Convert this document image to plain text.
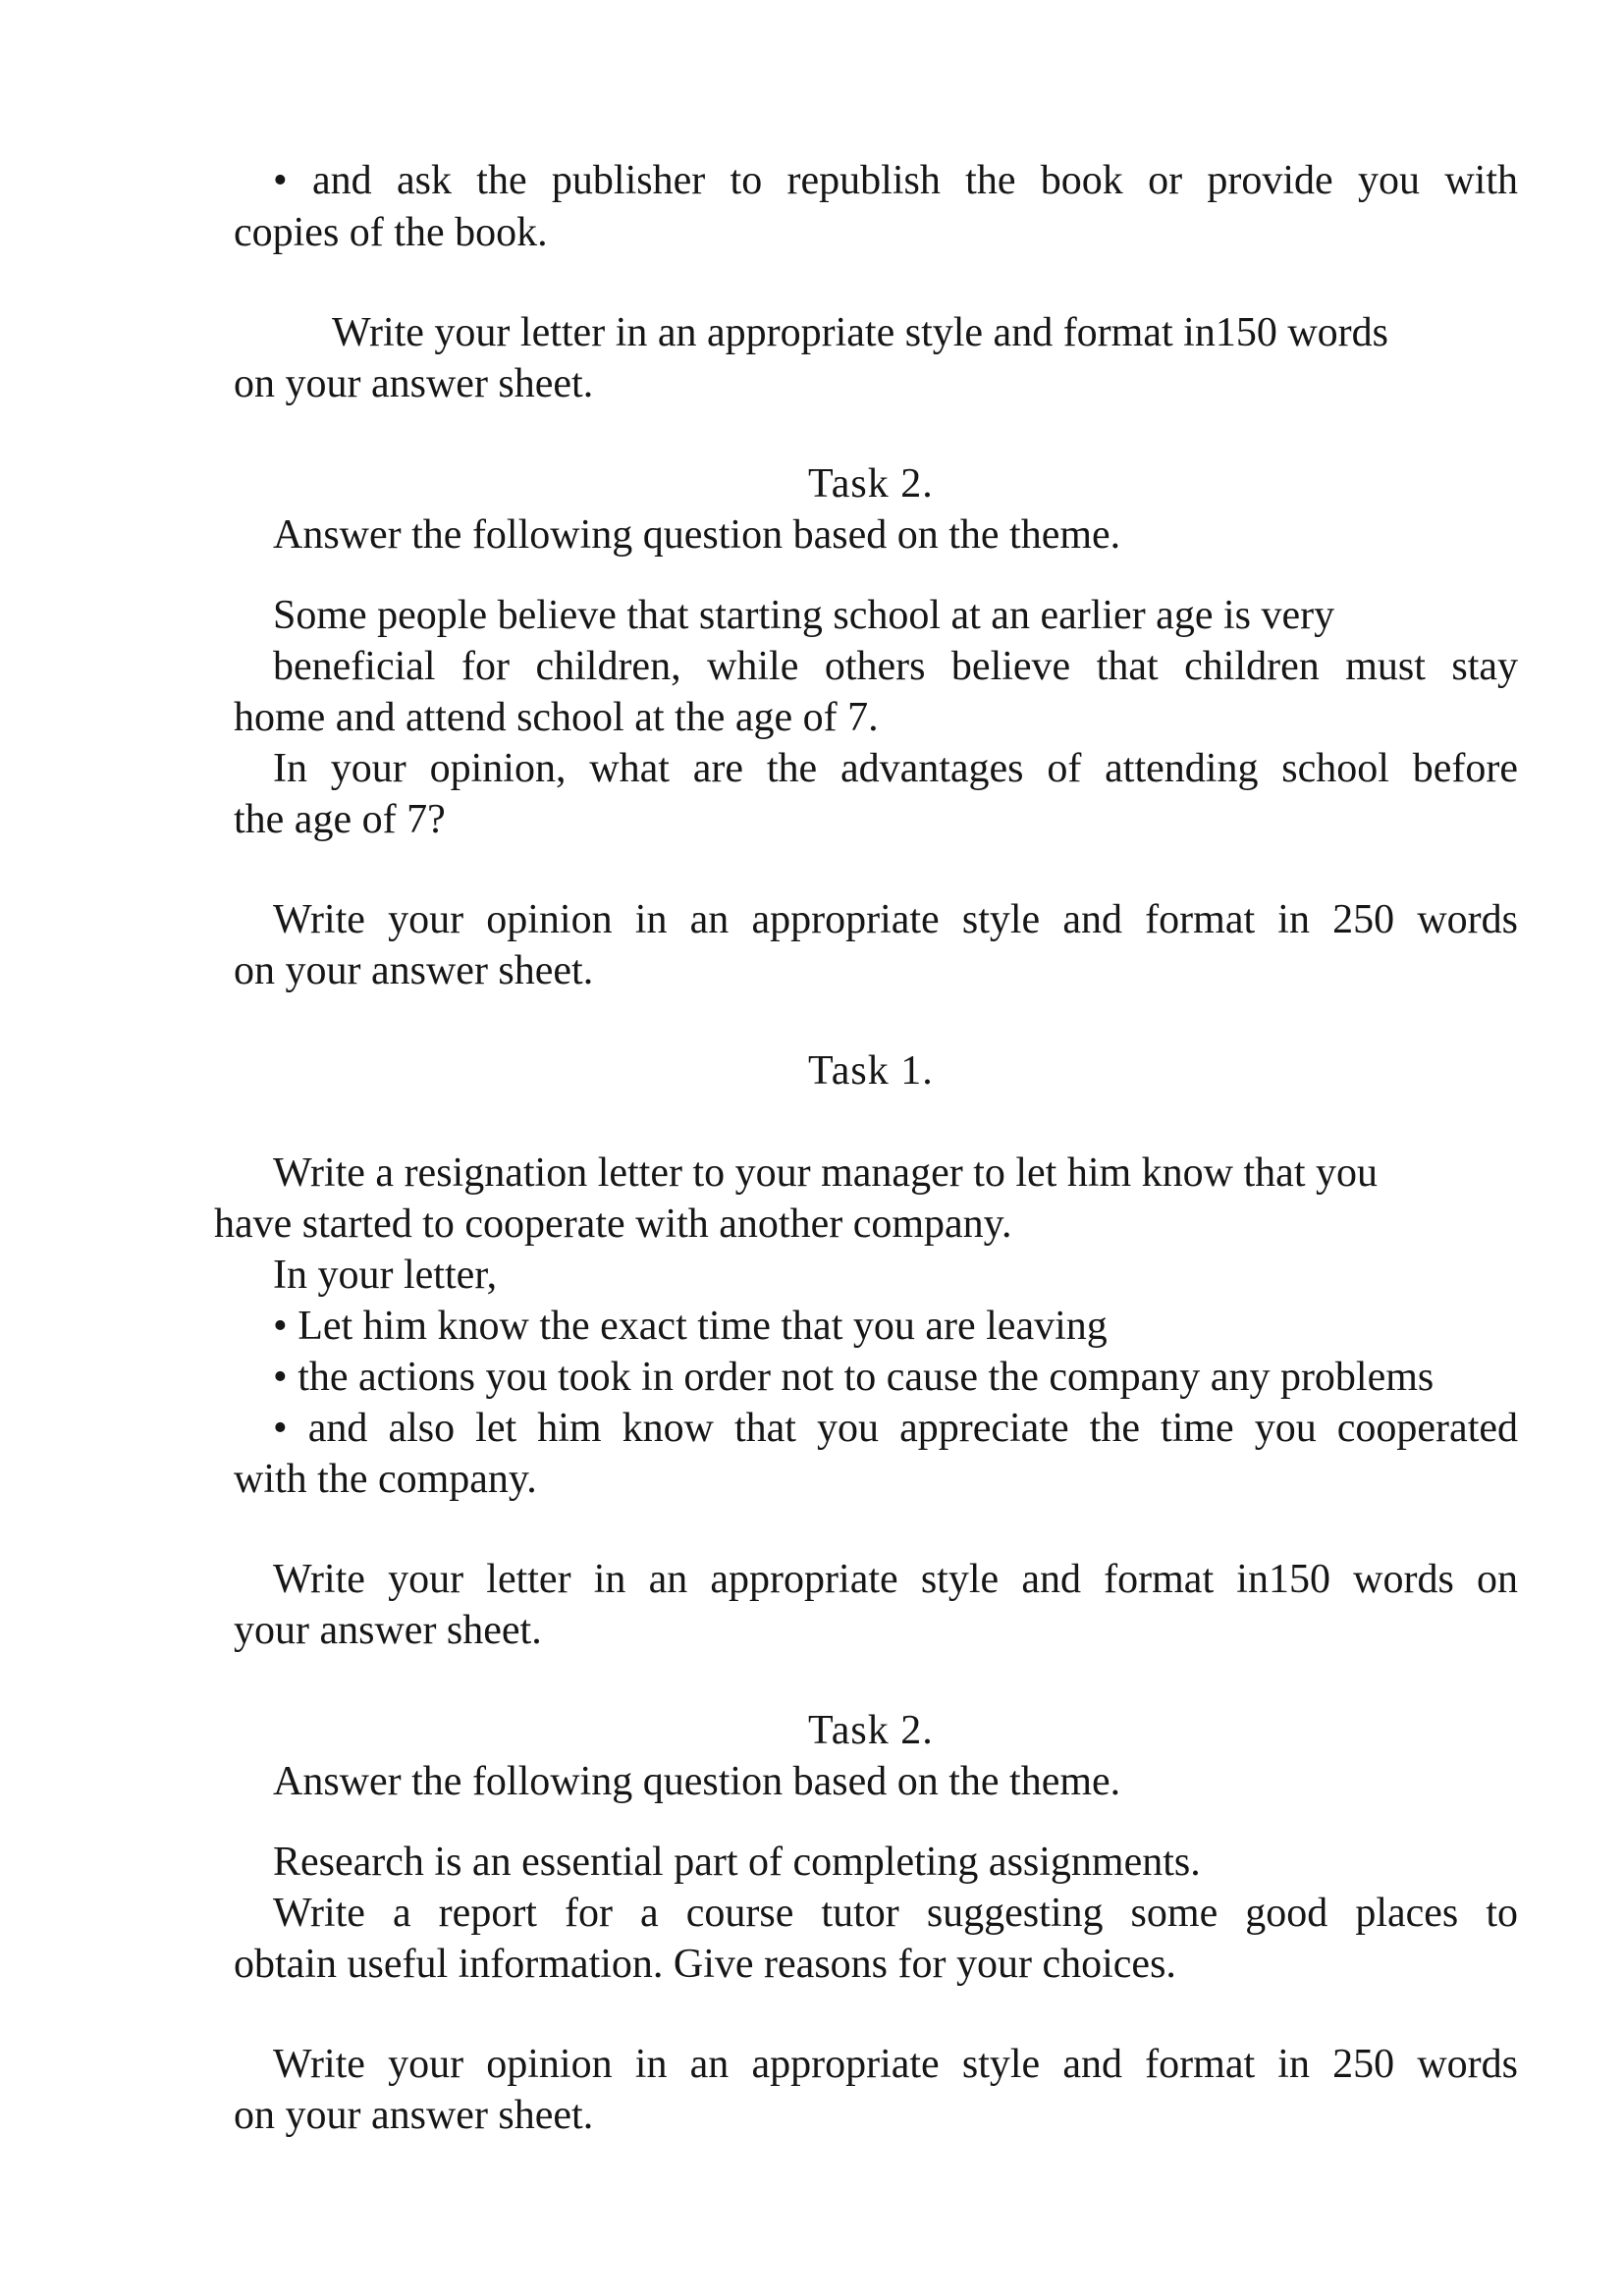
• and ask the publisher to republish the book or provide you with
copies of the book.
Write your letter in an appropriate style and format in150 words
on your answer sheet.
Task 2.
Answer the following question based on the theme.
Some people believe that starting school at an earlier age is very
beneficial for children, while others believe that children must stay
home and attend school at the age of 7.
In your opinion, what are the advantages of attending school before
the age of 7?
Write your opinion in an appropriate style and format in 250 words
on your answer sheet.
Task 1.
Write a resignation letter to your manager to let him know that you
have started to cooperate with another company.
In your letter,
• Let him know the exact time that you are leaving
• the actions you took in order not to cause the company any problems
• and also let him know that you appreciate the time you cooperated
with the company.
Write your letter in an appropriate style and format in150 words on
your answer sheet.
Task 2.
Answer the following question based on the theme.
Research is an essential part of completing assignments.
Write a report for a course tutor suggesting some good places to
obtain useful information. Give reasons for your choices.
Write your opinion in an appropriate style and format in 250 words
on your answer sheet.
